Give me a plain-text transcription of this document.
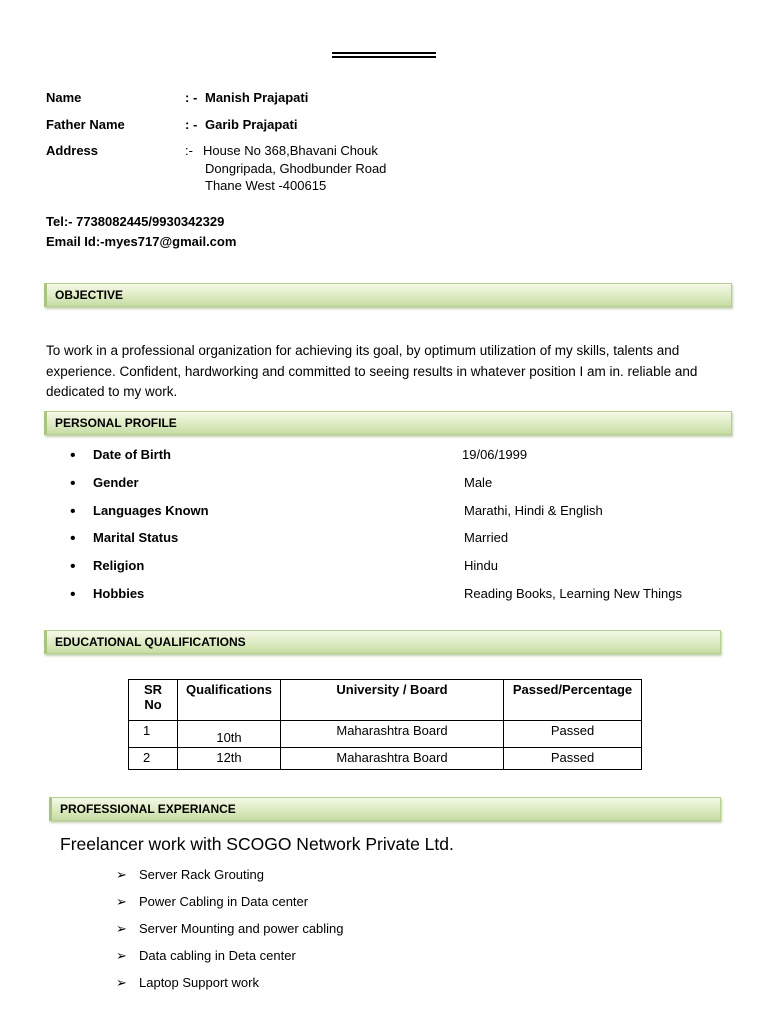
Name	: - Manish Prajapati
Father Name	: - Garib Prajapati
Address	:- House No 368,Bhavani Chouk
Dongripada, Ghodbunder Road
Thane West -400615
Tel:- 7738082445/9930342329
Email Id:-myes717@gmail.com
OBJECTIVE
To work in a professional organization for achieving its goal, by optimum utilization of my skills, talents and experience. Confident, hardworking and committed to seeing results in whatever position I am in. reliable and dedicated to my work.
PERSONAL PROFILE
• Date of Birth	19/06/1999
• Gender	Male
• Languages Known	Marathi, Hindi & English
• Marital Status	Married
• Religion	Hindu
• Hobbies	Reading Books, Learning New Things
EDUCATIONAL QUALIFICATIONS
SR No	Qualifications	University / Board	Passed/Percentage
1	10th	Maharashtra Board	Passed
2	12th	Maharashtra Board	Passed
PROFESSIONAL EXPERIANCE
Freelancer work with SCOGO Network Private Ltd.
➢ Server Rack Grouting
➢ Power Cabling in Data center
➢ Server Mounting and power cabling
➢ Data cabling in Deta center
➢ Laptop Support work
